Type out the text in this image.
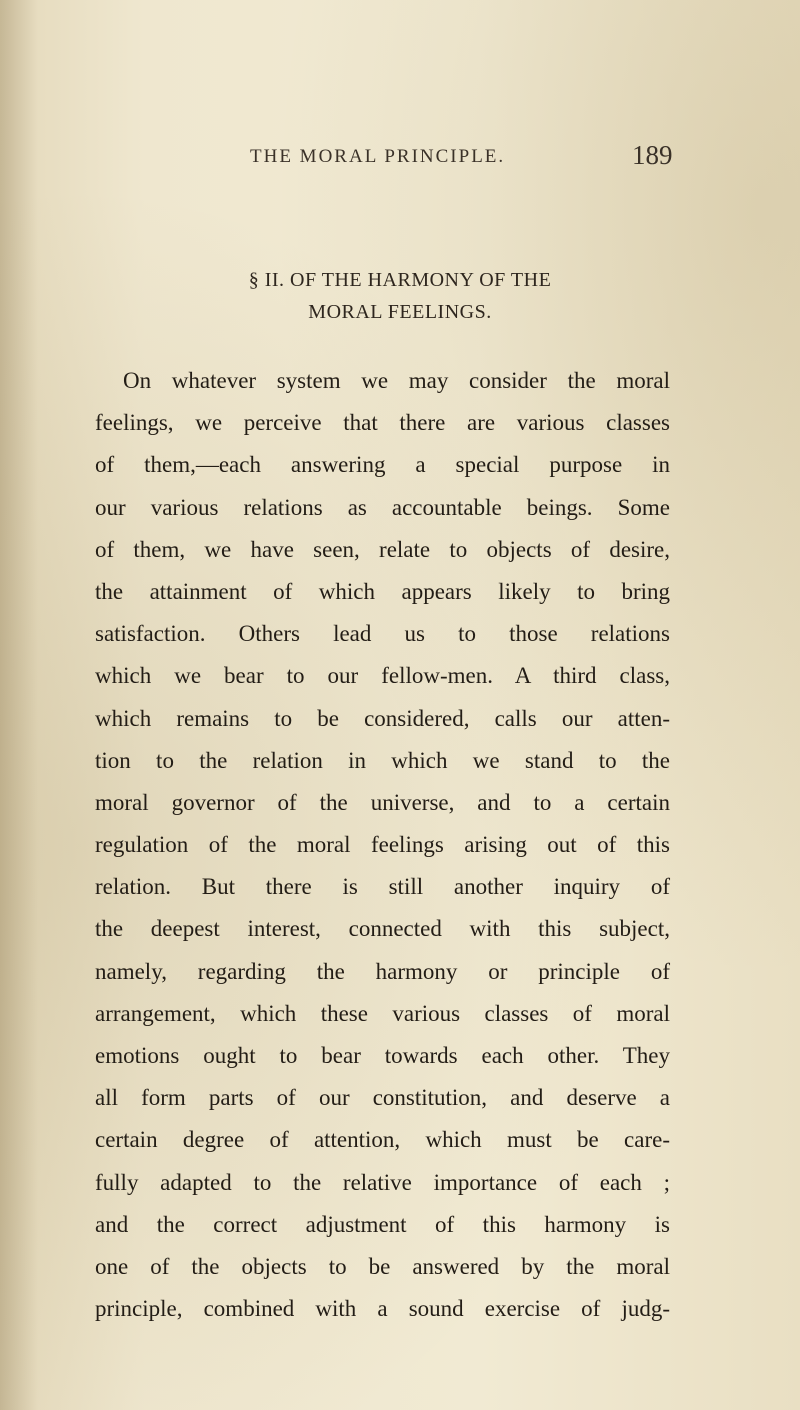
THE MORAL PRINCIPLE.	189
§ II. OF THE HARMONY OF THE
MORAL FEELINGS.
On whatever system we may consider the moral
feelings, we perceive that there are various classes
of them,—each answering a special purpose in
our various relations as accountable beings. Some
of them, we have seen, relate to objects of desire,
the attainment of which appears likely to bring
satisfaction. Others lead us to those relations
which we bear to our fellow-men. A third class,
which remains to be considered, calls our atten-
tion to the relation in which we stand to the
moral governor of the universe, and to a certain
regulation of the moral feelings arising out of this
relation. But there is still another inquiry of
the deepest interest, connected with this subject,
namely, regarding the harmony or principle of
arrangement, which these various classes of moral
emotions ought to bear towards each other. They
all form parts of our constitution, and deserve a
certain degree of attention, which must be care-
fully adapted to the relative importance of each ;
and the correct adjustment of this harmony is
one of the objects to be answered by the moral
principle, combined with a sound exercise of judg-
